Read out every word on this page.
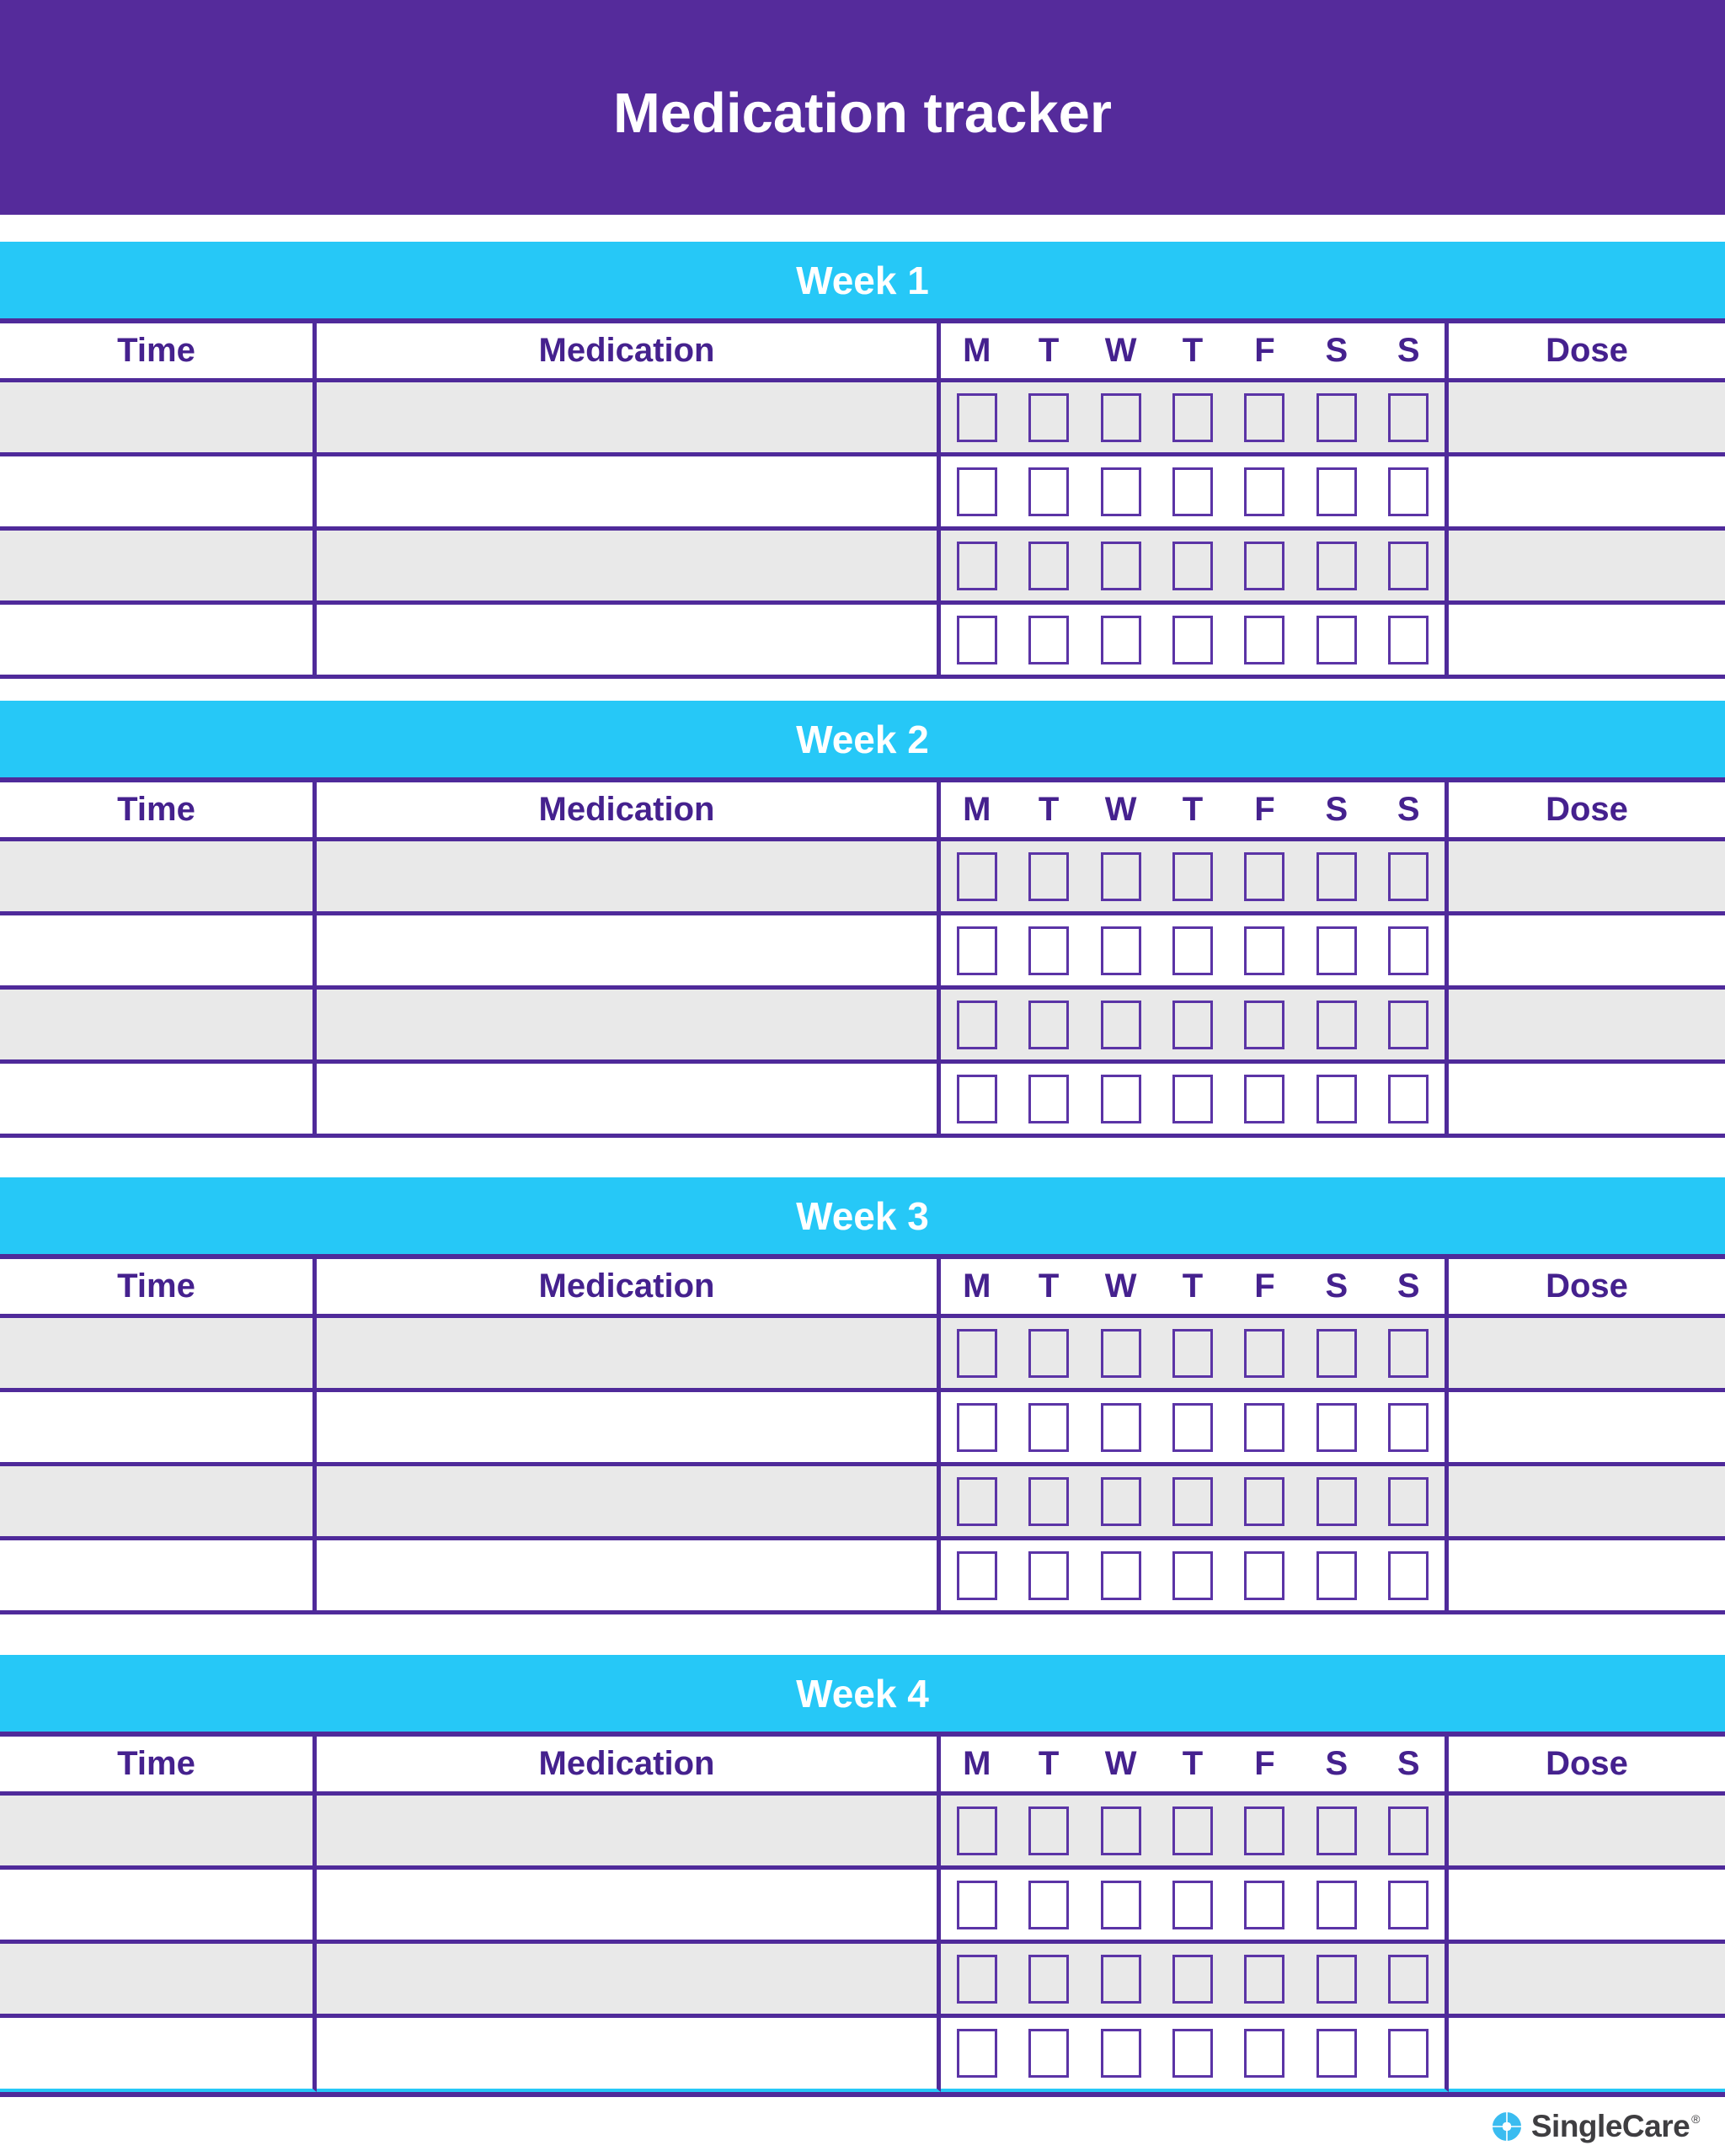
Medication tracker
Week 1
Time	Medication	M	T	W	T	F	S	S	Dose
Week 2
Time	Medication	M	T	W	T	F	S	S	Dose
Week 3
Time	Medication	M	T	W	T	F	S	S	Dose
Week 4
Time	Medication	M	T	W	T	F	S	S	Dose
SingleCare®
